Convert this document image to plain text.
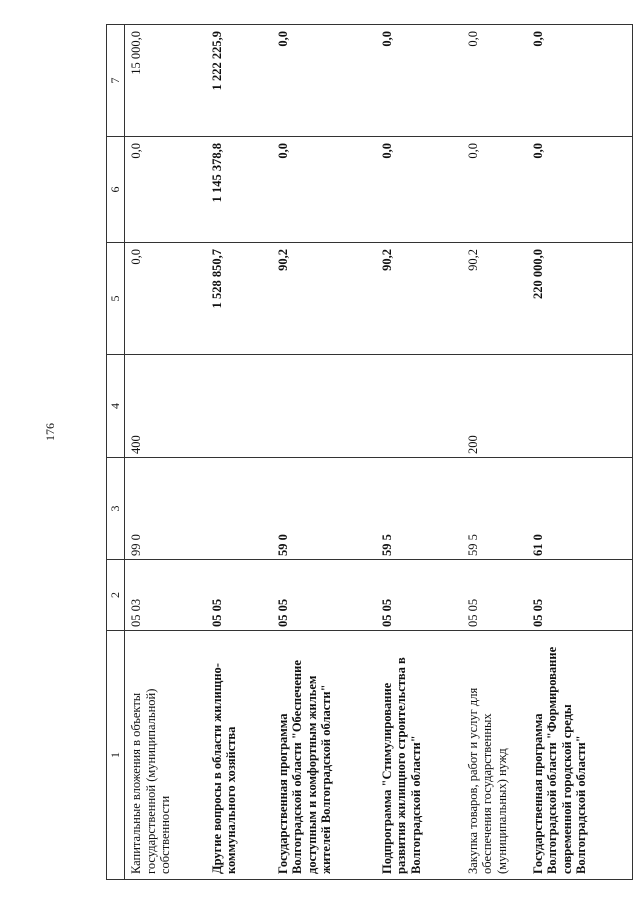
176
1	2	3	4	5	6	7
Капитальные вложения в объекты государственной (муниципальной) собственности	05 03	99 0	400	0,0	0,0	15 000,0
Другие вопросы в области жилищно-коммунального хозяйства	05 05			1 528 850,7	1 145 378,8	1 222 225,9
Государственная программа Волгоградской области "Обеспечение доступным и комфортным жильем жителей Волгоградской области"	05 05	59 0		90,2	0,0	0,0
Подпрограмма "Стимулирование развития жилищного строительства в Волгоградской области"	05 05	59 5		90,2	0,0	0,0
Закупка товаров, работ и услуг для обеспечения государственных (муниципальных) нужд	05 05	59 5	200	90,2	0,0	0,0
Государственная программа Волгоградской области "Формирование современной городской среды Волгоградской области"	05 05	61 0		220 000,0	0,0	0,0
